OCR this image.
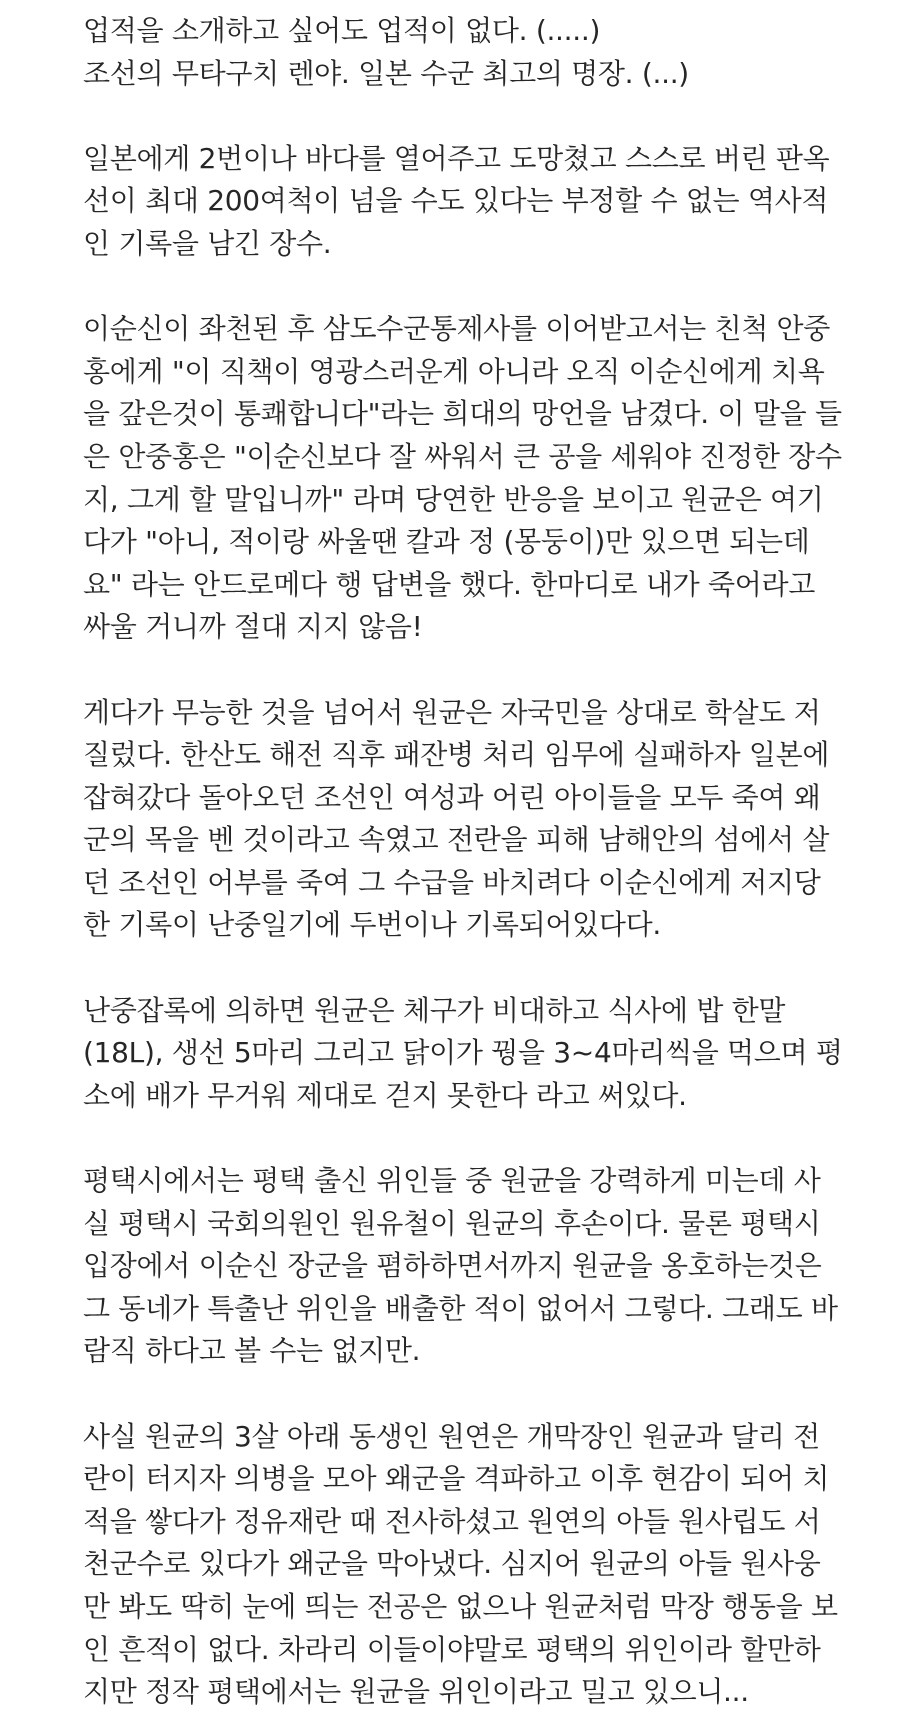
업적을 소개하고 싶어도 업적이 없다. (.....)
조선의 무타구치 렌야. 일본 수군 최고의 명장. (...)
일본에게 2번이나 바다를 열어주고 도망쳤고 스스로 버린 판옥
선이 최대 200여척이 넘을 수도 있다는 부정할 수 없는 역사적
인 기록을 남긴 장수.
이순신이 좌천된 후 삼도수군통제사를 이어받고서는 친척 안중
홍에게 "이 직책이 영광스러운게 아니라 오직 이순신에게 치욕
을 갚은것이 통쾌합니다"라는 희대의 망언을 남겼다. 이 말을 들
은 안중홍은 "이순신보다 잘 싸워서 큰 공을 세워야 진정한 장수
지, 그게 할 말입니까" 라며 당연한 반응을 보이고 원균은 여기
다가 "아니, 적이랑 싸울땐 칼과 정 (몽둥이)만 있으면 되는데
요" 라는 안드로메다 행 답변을 했다. 한마디로 내가 죽어라고
싸울 거니까 절대 지지 않음!
게다가 무능한 것을 넘어서 원균은 자국민을 상대로 학살도 저
질렀다. 한산도 해전 직후 패잔병 처리 임무에 실패하자 일본에
잡혀갔다 돌아오던 조선인 여성과 어린 아이들을 모두 죽여 왜
군의 목을 벤 것이라고 속였고 전란을 피해 남해안의 섬에서 살
던 조선인 어부를 죽여 그 수급을 바치려다 이순신에게 저지당
한 기록이 난중일기에 두번이나 기록되어있다다.
난중잡록에 의하면 원균은 체구가 비대하고 식사에 밥 한말
(18L), 생선 5마리 그리고 닭이가 꿩을 3~4마리씩을 먹으며 평
소에 배가 무거워 제대로 걷지 못한다 라고 써있다.
평택시에서는 평택 출신 위인들 중 원균을 강력하게 미는데 사
실 평택시 국회의원인 원유철이 원균의 후손이다. 물론 평택시
입장에서 이순신 장군을 폄하하면서까지 원균을 옹호하는것은
그 동네가 특출난 위인을 배출한 적이 없어서 그렇다. 그래도 바
람직 하다고 볼 수는 없지만.
사실 원균의 3살 아래 동생인 원연은 개막장인 원균과 달리 전
란이 터지자 의병을 모아 왜군을 격파하고 이후 현감이 되어 치
적을 쌓다가 정유재란 때 전사하셨고 원연의 아들 원사립도 서
천군수로 있다가 왜군을 막아냈다. 심지어 원균의 아들 원사웅
만 봐도 딱히 눈에 띄는 전공은 없으나 원균처럼 막장 행동을 보
인 흔적이 없다. 차라리 이들이야말로 평택의 위인이라 할만하
지만 정작 평택에서는 원균을 위인이라고 밀고 있으니...
